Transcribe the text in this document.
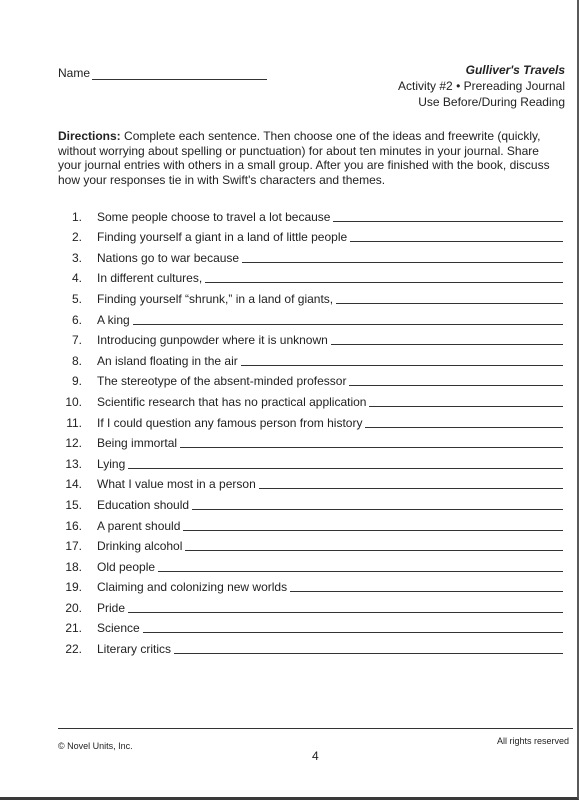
Name	Gulliver's Travels
Activity #2 • Prereading Journal
Use Before/During Reading
Directions: Complete each sentence. Then choose one of the ideas and freewrite (quickly, without worrying about spelling or punctuation) for about ten minutes in your journal. Share your journal entries with others in a small group. After you are finished with the book, discuss how your responses tie in with Swift's characters and themes.
1. Some people choose to travel a lot because
2. Finding yourself a giant in a land of little people
3. Nations go to war because
4. In different cultures,
5. Finding yourself “shrunk,” in a land of giants,
6. A king
7. Introducing gunpowder where it is unknown
8. An island floating in the air
9. The stereotype of the absent-minded professor
10. Scientific research that has no practical application
11. If I could question any famous person from history
12. Being immortal
13. Lying
14. What I value most in a person
15. Education should
16. A parent should
17. Drinking alcohol
18. Old people
19. Claiming and colonizing new worlds
20. Pride
21. Science
22. Literary critics
© Novel Units, Inc.
4
All rights reserved
